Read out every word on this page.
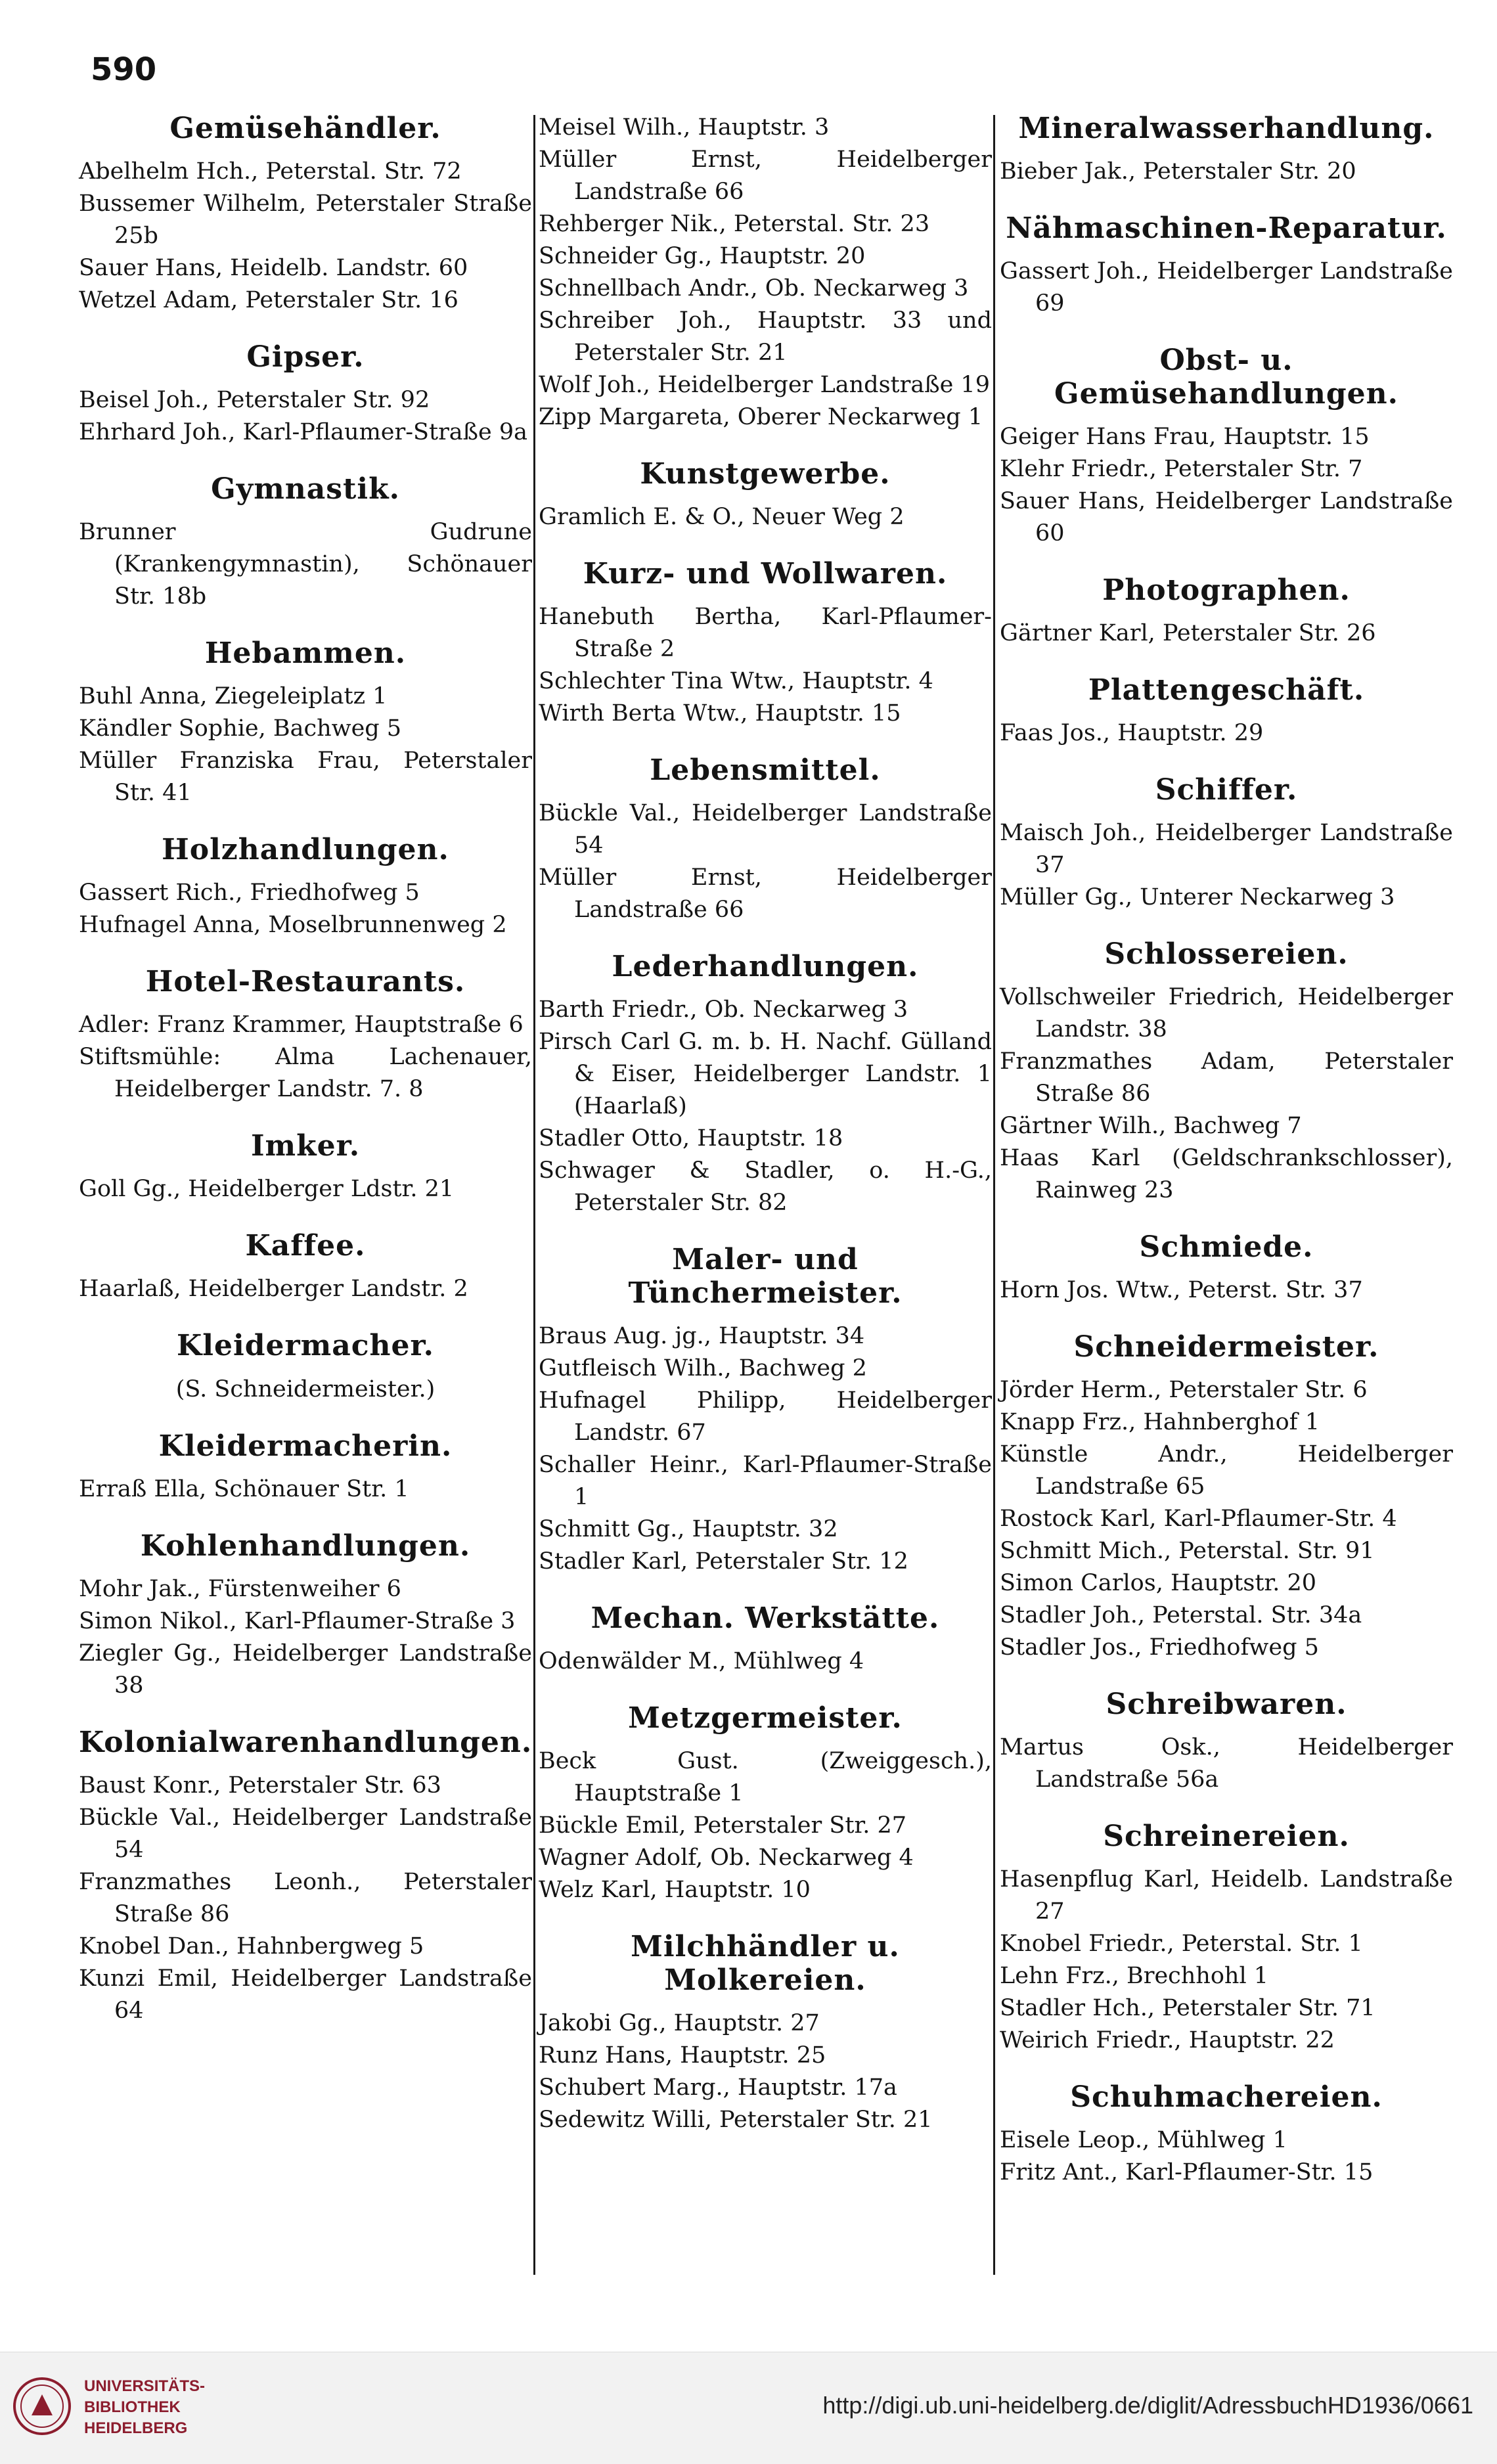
590
Gemüsehändler.
Abelhelm Hch., Peterstal. Str. 72
Bussemer Wilhelm, Peterstaler Straße 25b
Sauer Hans, Heidelb. Landstr. 60
Wetzel Adam, Peterstaler Str. 16
Gipser.
Beisel Joh., Peterstaler Str. 92
Ehrhard Joh., Karl-Pflaumer-Straße 9a
Gymnastik.
Brunner Gudrune (Krankengymnastin), Schönauer Str. 18b
Hebammen.
Buhl Anna, Ziegeleiplatz 1
Kändler Sophie, Bachweg 5
Müller Franziska Frau, Peterstaler Str. 41
Holzhandlungen.
Gassert Rich., Friedhofweg 5
Hufnagel Anna, Moselbrunnenweg 2
Hotel-Restaurants.
Adler: Franz Krammer, Hauptstraße 6
Stiftsmühle: Alma Lachenauer, Heidelberger Landstr. 7. 8
Imker.
Goll Gg., Heidelberger Ldstr. 21
Kaffee.
Haarlaß, Heidelberger Landstr. 2
Kleidermacher.
(S. Schneidermeister.)
Kleidermacherin.
Erraß Ella, Schönauer Str. 1
Kohlenhandlungen.
Mohr Jak., Fürstenweiher 6
Simon Nikol., Karl-Pflaumer-Straße 3
Ziegler Gg., Heidelberger Landstraße 38
Kolonialwarenhandlungen.
Baust Konr., Peterstaler Str. 63
Bückle Val., Heidelberger Landstraße 54
Franzmathes Leonh., Peterstaler Straße 86
Knobel Dan., Hahnbergweg 5
Kunzi Emil, Heidelberger Landstraße 64
Meisel Wilh., Hauptstr. 3
Müller Ernst, Heidelberger Landstraße 66
Rehberger Nik., Peterstal. Str. 23
Schneider Gg., Hauptstr. 20
Schnellbach Andr., Ob. Neckarweg 3
Schreiber Joh., Hauptstr. 33 und Peterstaler Str. 21
Wolf Joh., Heidelberger Landstraße 19
Zipp Margareta, Oberer Neckarweg 1
Kunstgewerbe.
Gramlich E. & O., Neuer Weg 2
Kurz- und Wollwaren.
Hanebuth Bertha, Karl-Pflaumer-Straße 2
Schlechter Tina Wtw., Hauptstr. 4
Wirth Berta Wtw., Hauptstr. 15
Lebensmittel.
Bückle Val., Heidelberger Landstraße 54
Müller Ernst, Heidelberger Landstraße 66
Lederhandlungen.
Barth Friedr., Ob. Neckarweg 3
Pirsch Carl G. m. b. H. Nachf. Gülland & Eiser, Heidelberger Landstr. 1 (Haarlaß)
Stadler Otto, Hauptstr. 18
Schwager & Stadler, o. H.-G., Peterstaler Str. 82
Maler- und Tünchermeister.
Braus Aug. jg., Hauptstr. 34
Gutfleisch Wilh., Bachweg 2
Hufnagel Philipp, Heidelberger Landstr. 67
Schaller Heinr., Karl-Pflaumer-Straße 1
Schmitt Gg., Hauptstr. 32
Stadler Karl, Peterstaler Str. 12
Mechan. Werkstätte.
Odenwälder M., Mühlweg 4
Metzgermeister.
Beck Gust. (Zweiggesch.), Hauptstraße 1
Bückle Emil, Peterstaler Str. 27
Wagner Adolf, Ob. Neckarweg 4
Welz Karl, Hauptstr. 10
Milchhändler u. Molkereien.
Jakobi Gg., Hauptstr. 27
Runz Hans, Hauptstr. 25
Schubert Marg., Hauptstr. 17a
Sedewitz Willi, Peterstaler Str. 21
Mineralwasserhandlung.
Bieber Jak., Peterstaler Str. 20
Nähmaschinen-Reparatur.
Gassert Joh., Heidelberger Landstraße 69
Obst- u. Gemüsehandlungen.
Geiger Hans Frau, Hauptstr. 15
Klehr Friedr., Peterstaler Str. 7
Sauer Hans, Heidelberger Landstraße 60
Photographen.
Gärtner Karl, Peterstaler Str. 26
Plattengeschäft.
Faas Jos., Hauptstr. 29
Schiffer.
Maisch Joh., Heidelberger Landstraße 37
Müller Gg., Unterer Neckarweg 3
Schlossereien.
Vollschweiler Friedrich, Heidelberger Landstr. 38
Franzmathes Adam, Peterstaler Straße 86
Gärtner Wilh., Bachweg 7
Haas Karl (Geldschrankschlosser), Rainweg 23
Schmiede.
Horn Jos. Wtw., Peterst. Str. 37
Schneidermeister.
Jörder Herm., Peterstaler Str. 6
Knapp Frz., Hahnberghof 1
Künstle Andr., Heidelberger Landstraße 65
Rostock Karl, Karl-Pflaumer-Str. 4
Schmitt Mich., Peterstal. Str. 91
Simon Carlos, Hauptstr. 20
Stadler Joh., Peterstal. Str. 34a
Stadler Jos., Friedhofweg 5
Schreibwaren.
Martus Osk., Heidelberger Landstraße 56a
Schreinereien.
Hasenpflug Karl, Heidelb. Landstraße 27
Knobel Friedr., Peterstal. Str. 1
Lehn Frz., Brechhohl 1
Stadler Hch., Peterstaler Str. 71
Weirich Friedr., Hauptstr. 22
Schuhmachereien.
Eisele Leop., Mühlweg 1
Fritz Ant., Karl-Pflaumer-Str. 15
UNIVERSITÄTS-
BIBLIOTHEK
HEIDELBERG
http://digi.ub.uni-heidelberg.de/diglit/AdressbuchHD1936/0661
